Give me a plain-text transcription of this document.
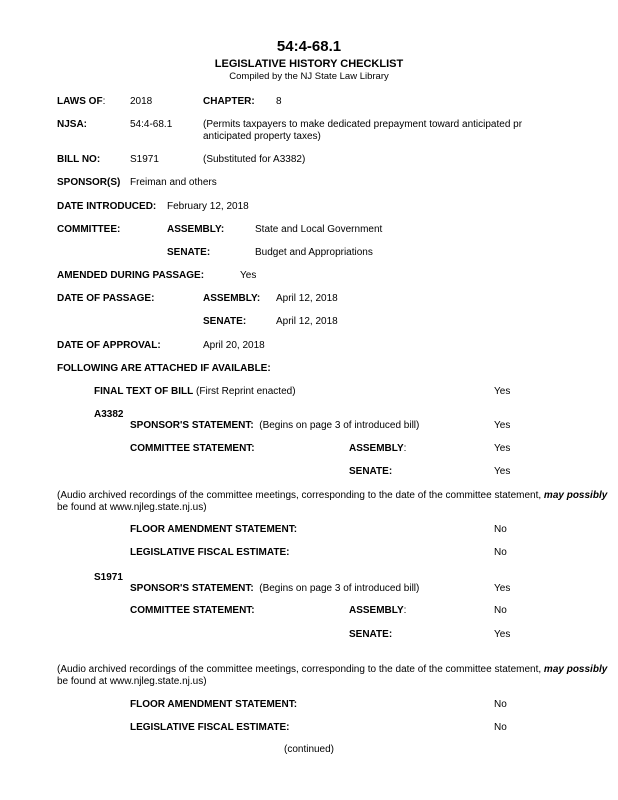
54:4-68.1
LEGISLATIVE HISTORY CHECKLIST
Compiled by the NJ State Law Library
LAWS OF: 2018	CHAPTER: 8
NJSA:	54:4-68.1	(Permits taxpayers to make dedicated prepayment toward anticipated pr
anticipated property taxes)
BILL NO:	S1971	(Substituted for A3382)
SPONSOR(S) Freiman and others
DATE INTRODUCED: February 12, 2018
COMMITTEE:	ASSEMBLY:	State and Local Government
SENATE:	Budget and Appropriations
AMENDED DURING PASSAGE:	Yes
DATE OF PASSAGE:	ASSEMBLY: April 12, 2018
SENATE:	April 12, 2018
DATE OF APPROVAL:	April 20, 2018
FOLLOWING ARE ATTACHED IF AVAILABLE:
FINAL TEXT OF BILL (First Reprint enacted)	Yes
A3382
SPONSOR'S STATEMENT: (Begins on page 3 of introduced bill)	Yes
COMMITTEE STATEMENT:	ASSEMBLY:	Yes
SENATE:	Yes
(Audio archived recordings of the committee meetings, corresponding to the date of the committee statement, may possibly
be found at www.njleg.state.nj.us)
FLOOR AMENDMENT STATEMENT:	No
LEGISLATIVE FISCAL ESTIMATE:	No
S1971
SPONSOR'S STATEMENT: (Begins on page 3 of introduced bill)	Yes
COMMITTEE STATEMENT:	ASSEMBLY:	No
SENATE:	Yes
(Audio archived recordings of the committee meetings, corresponding to the date of the committee statement, may possibly
be found at www.njleg.state.nj.us)
FLOOR AMENDMENT STATEMENT:	No
LEGISLATIVE FISCAL ESTIMATE:	No
(continued)
